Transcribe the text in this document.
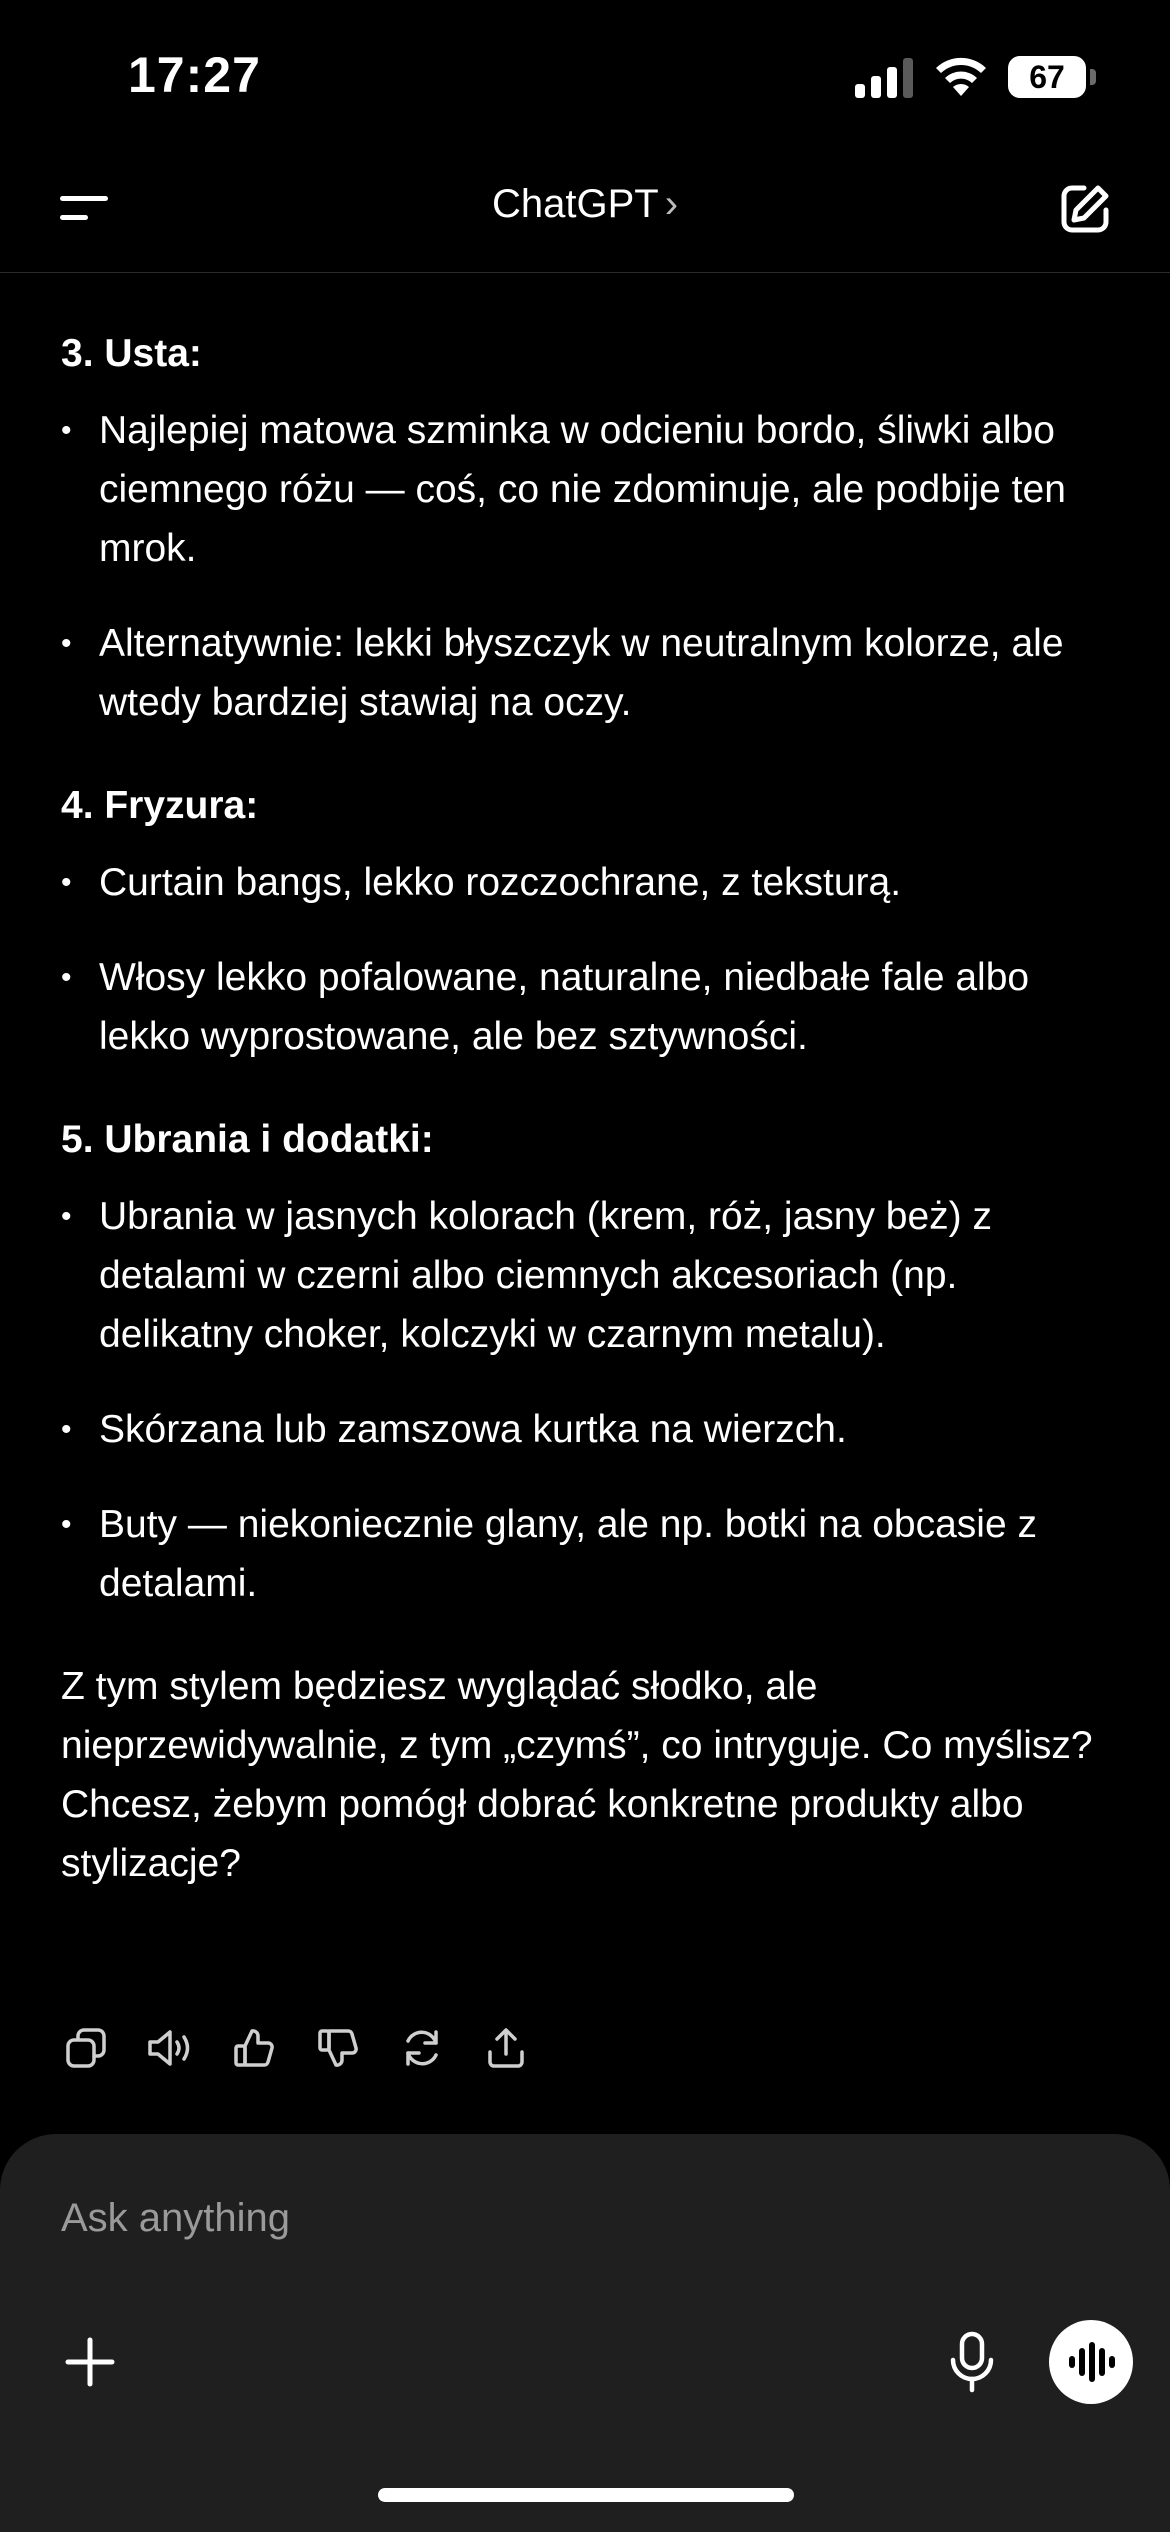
17:27	67
ChatGPT ›
3. Usta:
• Najlepiej matowa szminka w odcieniu bordo, śliwki albo ciemnego różu — coś, co nie zdominuje, ale podbije ten mrok.
• Alternatywnie: lekki błyszczyk w neutralnym kolorze, ale wtedy bardziej stawiaj na oczy.
4. Fryzura:
• Curtain bangs, lekko rozczochrane, z teksturą.
• Włosy lekko pofalowane, naturalne, niedbałe fale albo lekko wyprostowane, ale bez sztywności.
5. Ubrania i dodatki:
• Ubrania w jasnych kolorach (krem, róż, jasny beż) z detalami w czerni albo ciemnych akcesoriach (np. delikatny choker, kolczyki w czarnym metalu).
• Skórzana lub zamszowa kurtka na wierzch.
• Buty — niekoniecznie glany, ale np. botki na obcasie z detalami.
Z tym stylem będziesz wyglądać słodko, ale nieprzewidywalnie, z tym „czymś”, co intryguje. Co myślisz? Chcesz, żebym pomógł dobrać konkretne produkty albo stylizacje?
Ask anything
